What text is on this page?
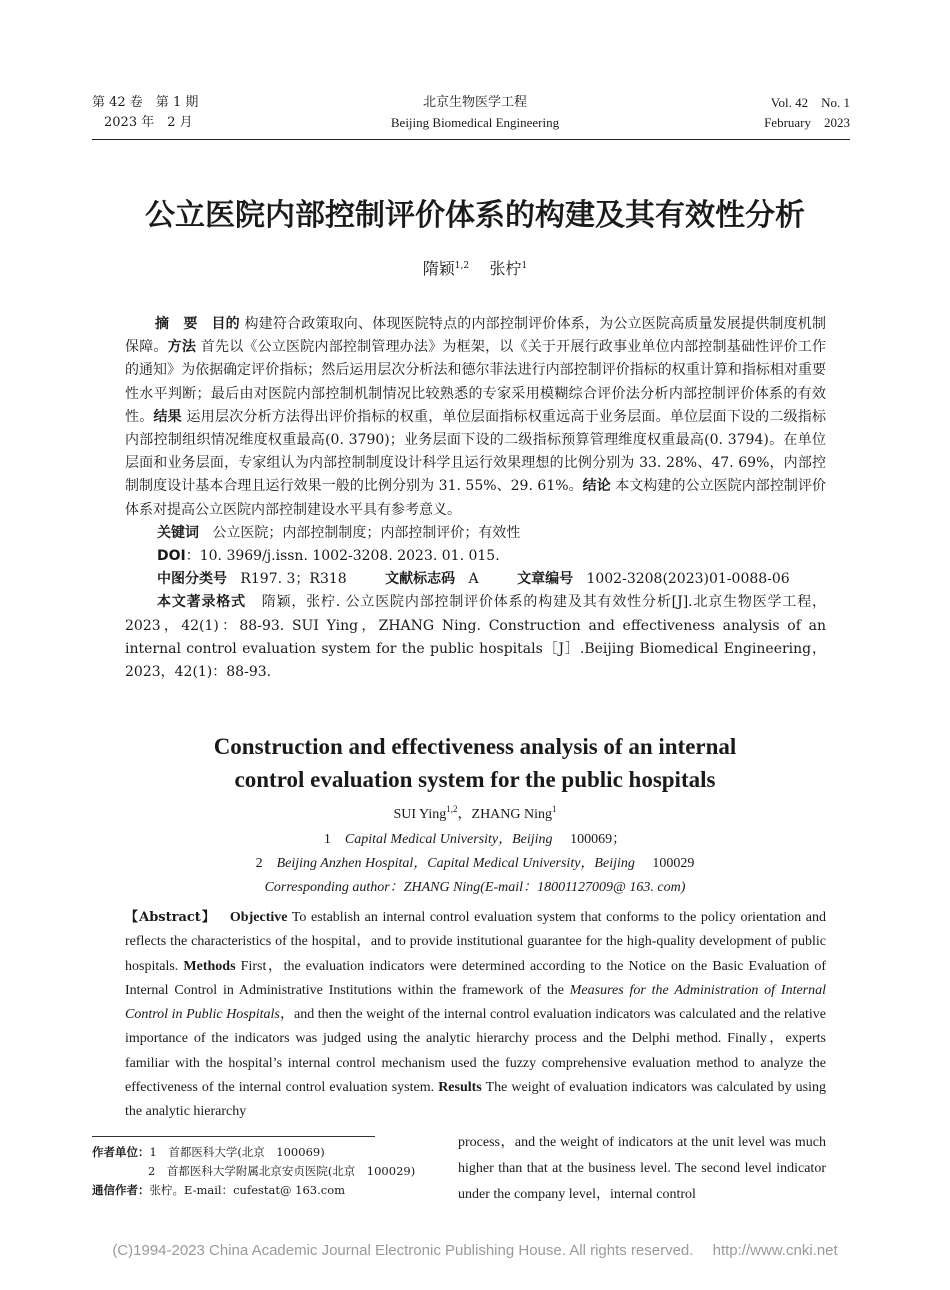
第 42 卷　第 1 期
2023 年　2 月
北京生物医学工程
Beijing Biomedical Engineering
Vol. 42　No. 1
February　2023
公立医院内部控制评价体系的构建及其有效性分析
隋颖$^{1,2}$ 张柠$^1$
摘　要 目的 构建符合政策取向、体现医院特点的内部控制评价体系，为公立医院高质量发展提供制度机制保障。方法 首先以《公立医院内部控制管理办法》为框架，以《关于开展行政事业单位内部控制基础性评价工作的通知》为依据确定评价指标；然后运用层次分析法和德尔菲法进行内部控制评价指标的权重计算和指标相对重要性水平判断；最后由对医院内部控制机制情况比较熟悉的专家采用模糊综合评价法分析内部控制评价体系的有效性。结果 运用层次分析方法得出评价指标的权重，单位层面指标权重远高于业务层面。单位层面下设的二级指标内部控制组织情况维度权重最高(0. 3790)；业务层面下设的二级指标预算管理维度权重最高(0. 3794)。在单位层面和业务层面，专家组认为内部控制制度设计科学且运行效果理想的比例分别为 33. 28%、47. 69%，内部控制制度设计基本合理且运行效果一般的比例分别为 31. 55%、29. 61%。结论 本文构建的公立医院内部控制评价体系对提高公立医院内部控制建设水平具有参考意义。
关键词 公立医院；内部控制制度；内部控制评价；有效性
DOI：10. 3969/j.issn. 1002-3208. 2023. 01. 015.
中图分类号 R197. 3；R318	文献标志码 A	文章编号 1002-3208(2023)01-0088-06
本文著录格式 隋颖，张柠. 公立医院内部控制评价体系的构建及其有效性分析[J].北京生物医学工程，2023，42(1)：88-93. SUI Ying，ZHANG Ning. Construction and effectiveness analysis of an internal control evaluation system for the public hospitals［J］.Beijing Biomedical Engineering，2023，42(1)：88-93.
Construction and effectiveness analysis of an internal
control evaluation system for the public hospitals
SUI Ying$^{1,2}$，ZHANG Ning$^1$
1 Capital Medical University，Beijing 100069；
2 Beijing Anzhen Hospital，Capital Medical University，Beijing 100029
Corresponding author：ZHANG Ning(E-mail：18001127009@ 163. com)
【Abstract】 Objective To establish an internal control evaluation system that conforms to the policy orientation and reflects the characteristics of the hospital，and to provide institutional guarantee for the high-quality development of public hospitals. Methods First，the evaluation indicators were determined according to the Notice on the Basic Evaluation of Internal Control in Administrative Institutions within the framework of the Measures for the Administration of Internal Control in Public Hospitals，and then the weight of the internal control evaluation indicators was calculated and the relative importance of the indicators was judged using the analytic hierarchy process and the Delphi method. Finally，experts familiar with the hospital’s internal control mechanism used the fuzzy comprehensive evaluation method to analyze the effectiveness of the internal control evaluation system. Results The weight of evaluation indicators was calculated by using the analytic hierarchy
process，and the weight of indicators at the unit level was much higher than that at the business level. The second level indicator under the company level，internal control
作者单位：1　首都医科大学(北京　100069)
2　首都医科大学附属北京安贞医院(北京　100029)
通信作者：张柠。E-mail：cufestat@ 163.com
(C)1994-2023 China Academic Journal Electronic Publishing House. All rights reserved.　 http://www.cnki.net
